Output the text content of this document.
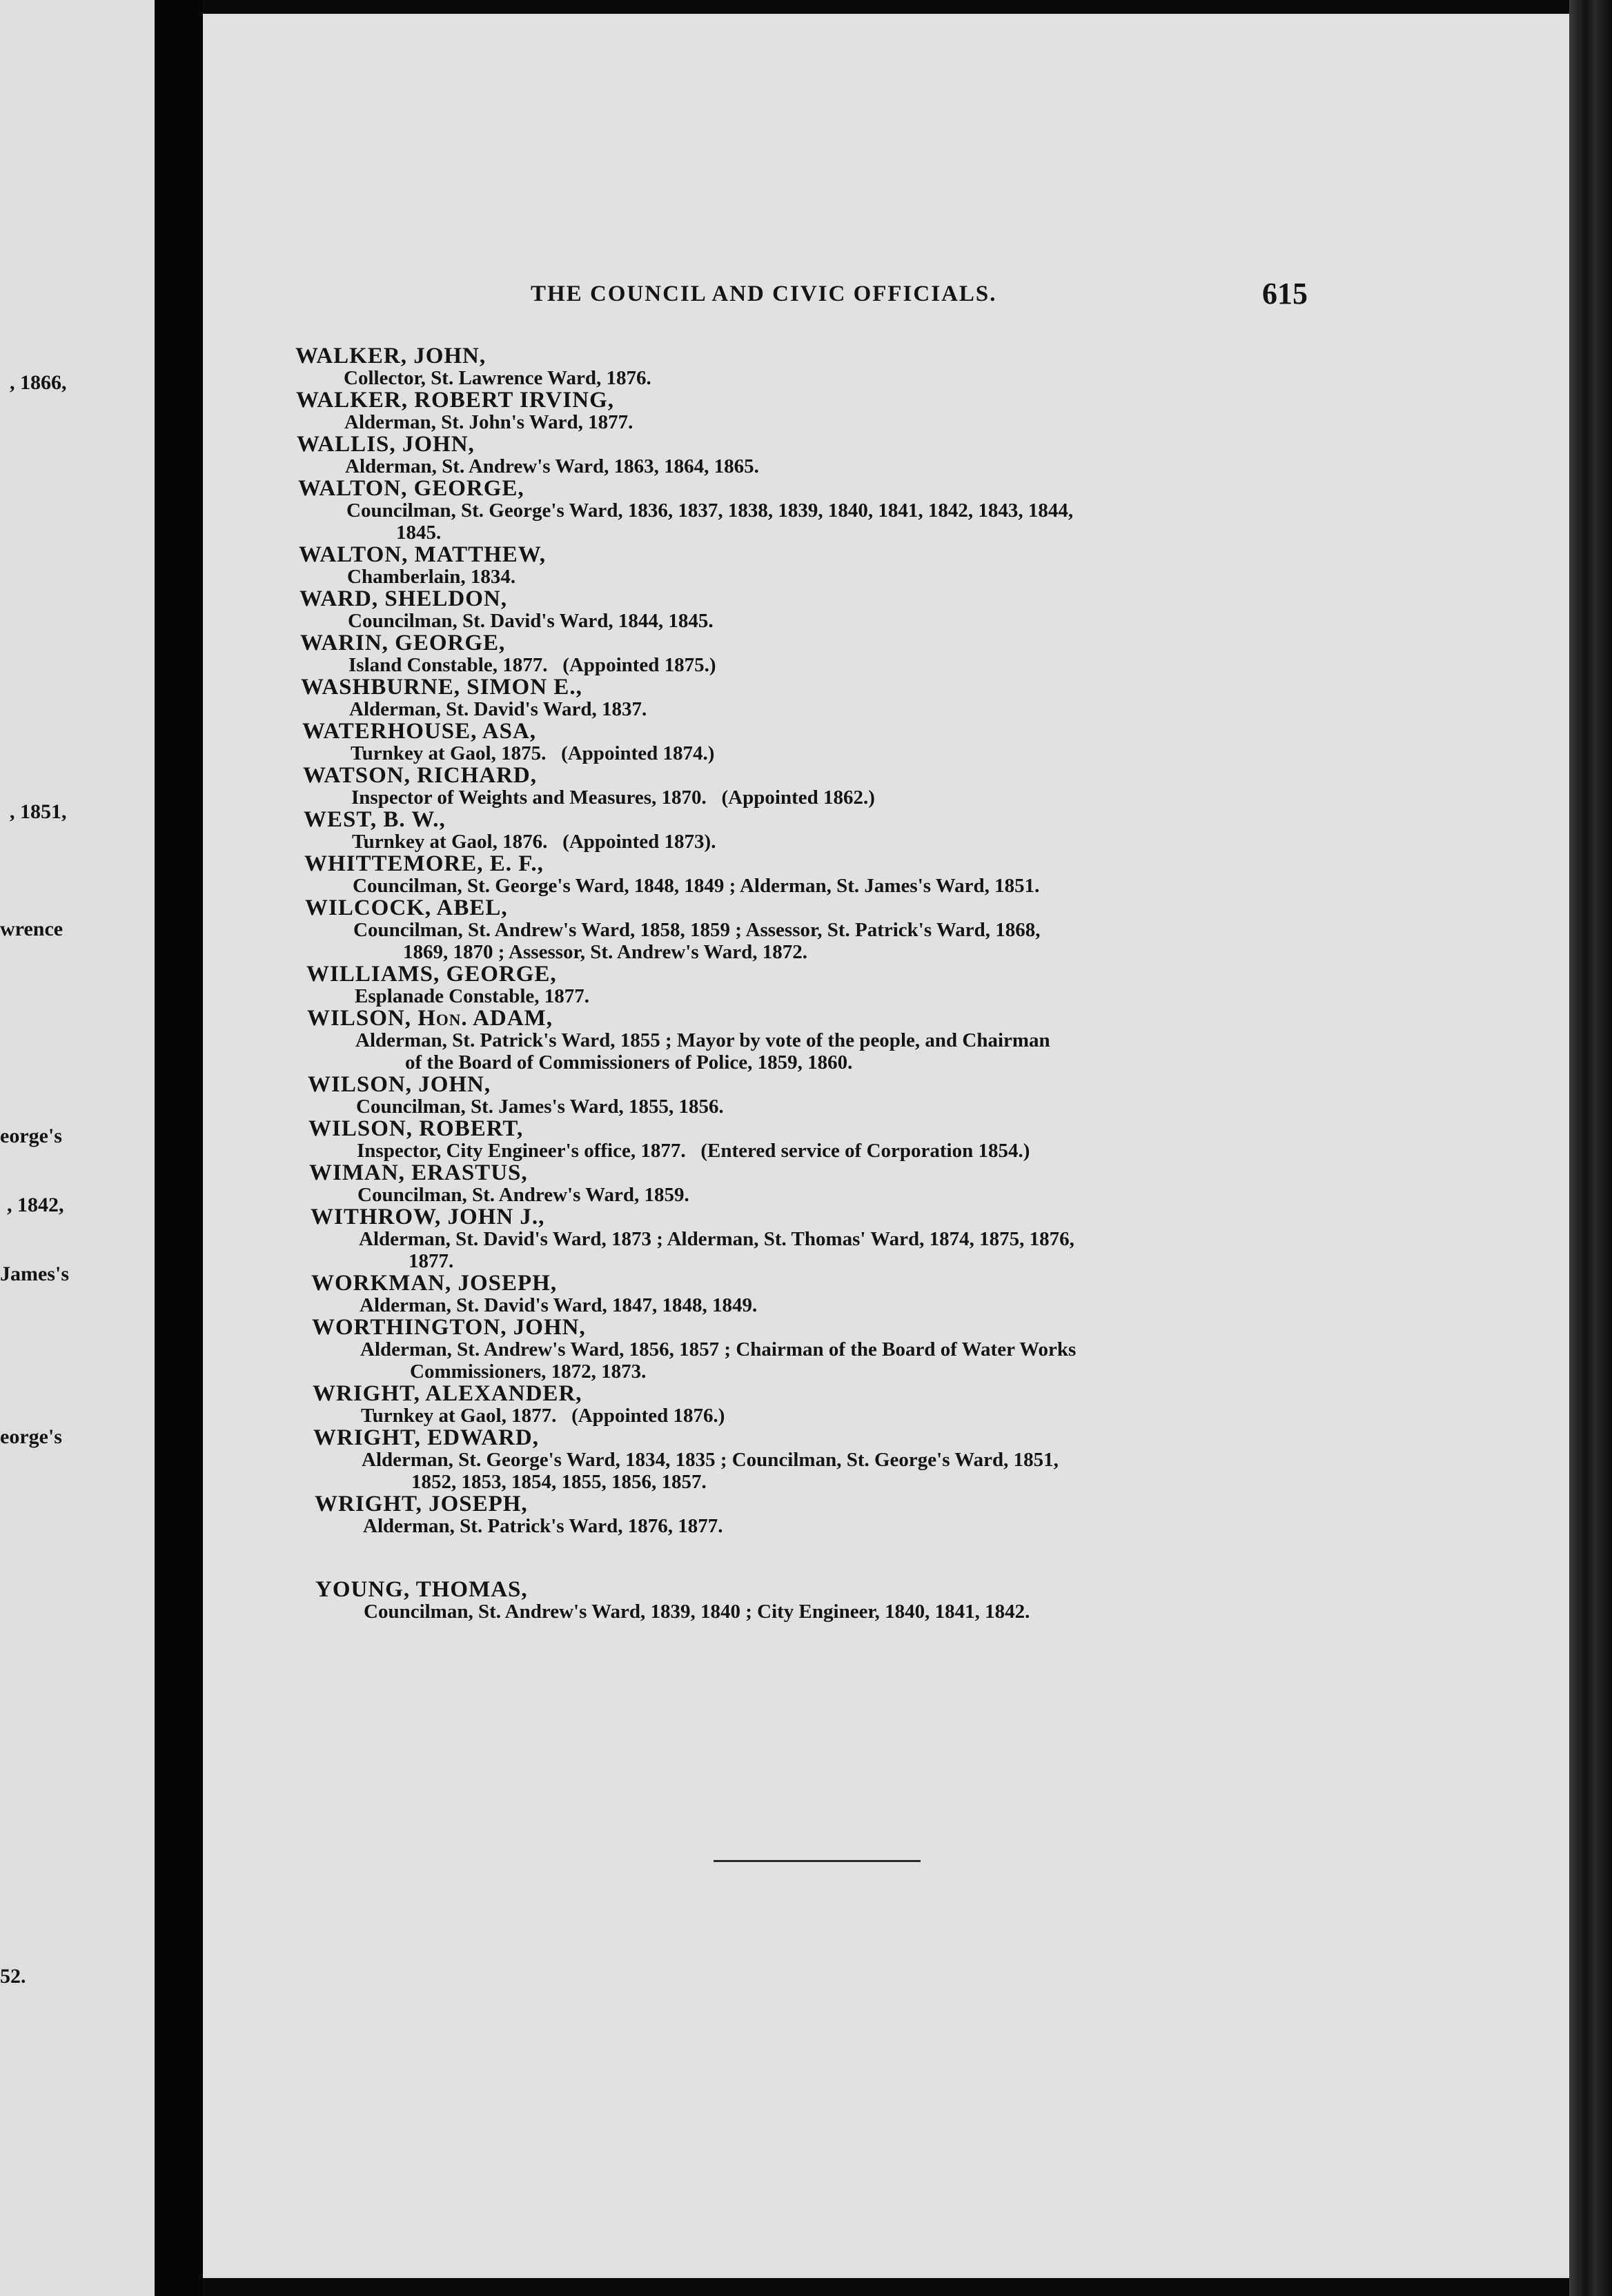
, 1866,
, 1851,
wrence
eorge's
, 1842,
James's
eorge's
52.
THE COUNCIL AND CIVIC OFFICIALS.	615
WALKER, JOHN,
Collector, St. Lawrence Ward, 1876.
WALKER, ROBERT IRVING,
Alderman, St. John's Ward, 1877.
WALLIS, JOHN,
Alderman, St. Andrew's Ward, 1863, 1864, 1865.
WALTON, GEORGE,
Councilman, St. George's Ward, 1836, 1837, 1838, 1839, 1840, 1841, 1842, 1843, 1844,
1845.
WALTON, MATTHEW,
Chamberlain, 1834.
WARD, SHELDON,
Councilman, St. David's Ward, 1844, 1845.
WARIN, GEORGE,
Island Constable, 1877.   (Appointed 1875.)
WASHBURNE, SIMON E.,
Alderman, St. David's Ward, 1837.
WATERHOUSE, ASA,
Turnkey at Gaol, 1875.   (Appointed 1874.)
WATSON, RICHARD,
Inspector of Weights and Measures, 1870.   (Appointed 1862.)
WEST, B. W.,
Turnkey at Gaol, 1876.   (Appointed 1873).
WHITTEMORE, E. F.,
Councilman, St. George's Ward, 1848, 1849 ; Alderman, St. James's Ward, 1851.
WILCOCK, ABEL,
Councilman, St. Andrew's Ward, 1858, 1859 ; Assessor, St. Patrick's Ward, 1868,
1869, 1870 ; Assessor, St. Andrew's Ward, 1872.
WILLIAMS, GEORGE,
Esplanade Constable, 1877.
WILSON, Hon. ADAM,
Alderman, St. Patrick's Ward, 1855 ; Mayor by vote of the people, and Chairman
of the Board of Commissioners of Police, 1859, 1860.
WILSON, JOHN,
Councilman, St. James's Ward, 1855, 1856.
WILSON, ROBERT,
Inspector, City Engineer's office, 1877.   (Entered service of Corporation 1854.)
WIMAN, ERASTUS,
Councilman, St. Andrew's Ward, 1859.
WITHROW, JOHN J.,
Alderman, St. David's Ward, 1873 ; Alderman, St. Thomas' Ward, 1874, 1875, 1876,
1877.
WORKMAN, JOSEPH,
Alderman, St. David's Ward, 1847, 1848, 1849.
WORTHINGTON, JOHN,
Alderman, St. Andrew's Ward, 1856, 1857 ; Chairman of the Board of Water Works
Commissioners, 1872, 1873.
WRIGHT, ALEXANDER,
Turnkey at Gaol, 1877.   (Appointed 1876.)
WRIGHT, EDWARD,
Alderman, St. George's Ward, 1834, 1835 ; Councilman, St. George's Ward, 1851,
1852, 1853, 1854, 1855, 1856, 1857.
WRIGHT, JOSEPH,
Alderman, St. Patrick's Ward, 1876, 1877.
YOUNG, THOMAS,
Councilman, St. Andrew's Ward, 1839, 1840 ; City Engineer, 1840, 1841, 1842.
